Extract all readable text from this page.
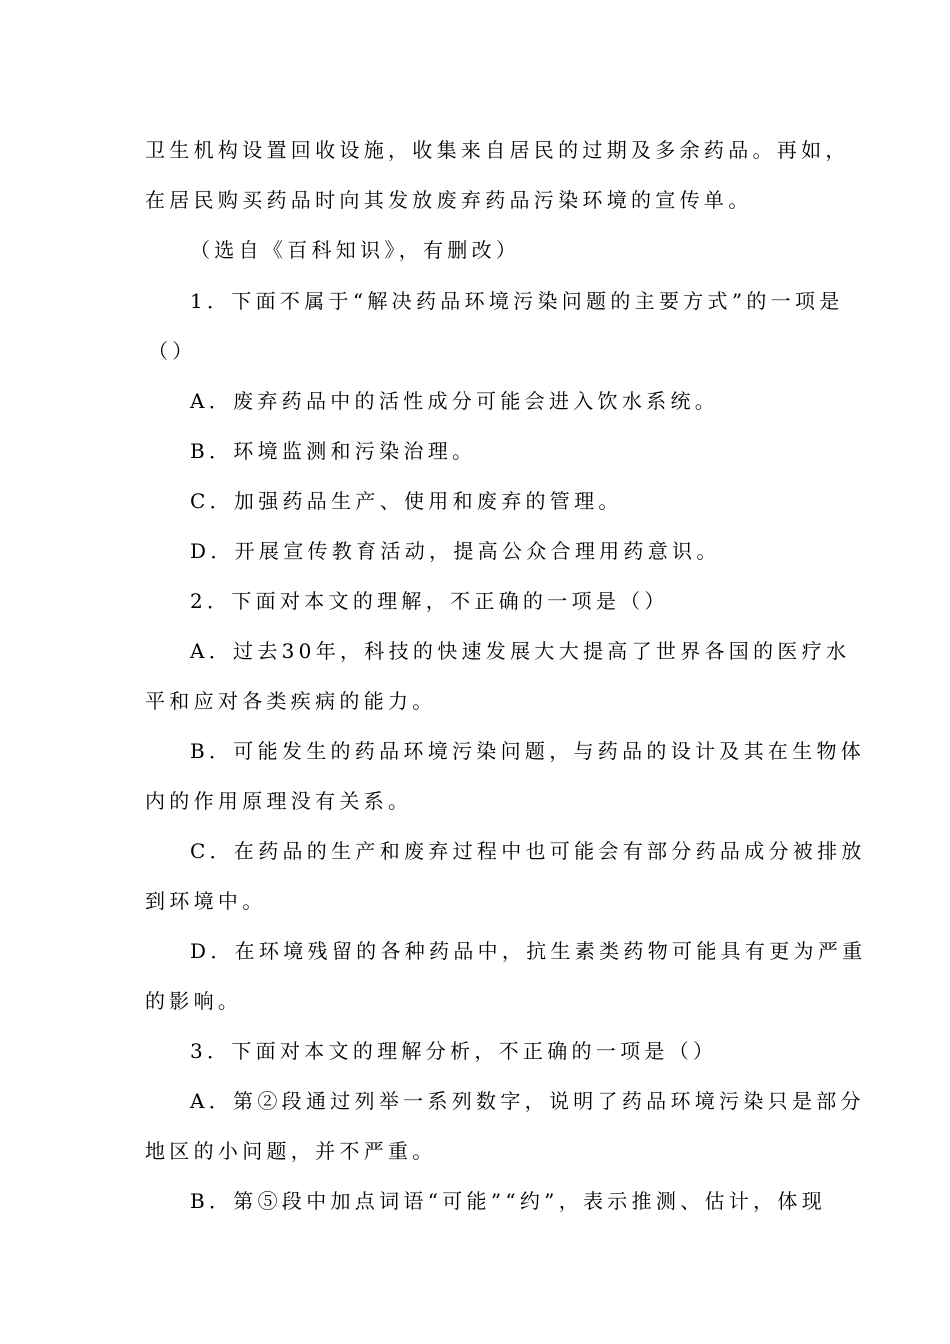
卫生机构设置回收设施，收集来自居民的过期及多余药品。再如，
在居民购买药品时向其发放废弃药品污染环境的宣传单。
（选自《百科知识》，有删改）
1．下面不属于“解决药品环境污染问题的主要方式”的一项是
（）
A．废弃药品中的活性成分可能会进入饮水系统。
B．环境监测和污染治理。
C．加强药品生产、使用和废弃的管理。
D．开展宣传教育活动，提高公众合理用药意识。
2．下面对本文的理解，不正确的一项是（）
A．过去30年，科技的快速发展大大提高了世界各国的医疗水
平和应对各类疾病的能力。
B．可能发生的药品环境污染问题，与药品的设计及其在生物体
内的作用原理没有关系。
C．在药品的生产和废弃过程中也可能会有部分药品成分被排放
到环境中。
D．在环境残留的各种药品中，抗生素类药物可能具有更为严重
的影响。
3．下面对本文的理解分析，不正确的一项是（）
A．第②段通过列举一系列数字，说明了药品环境污染只是部分
地区的小问题，并不严重。
B．第⑤段中加点词语“可能”“约”，表示推测、估计，体现
